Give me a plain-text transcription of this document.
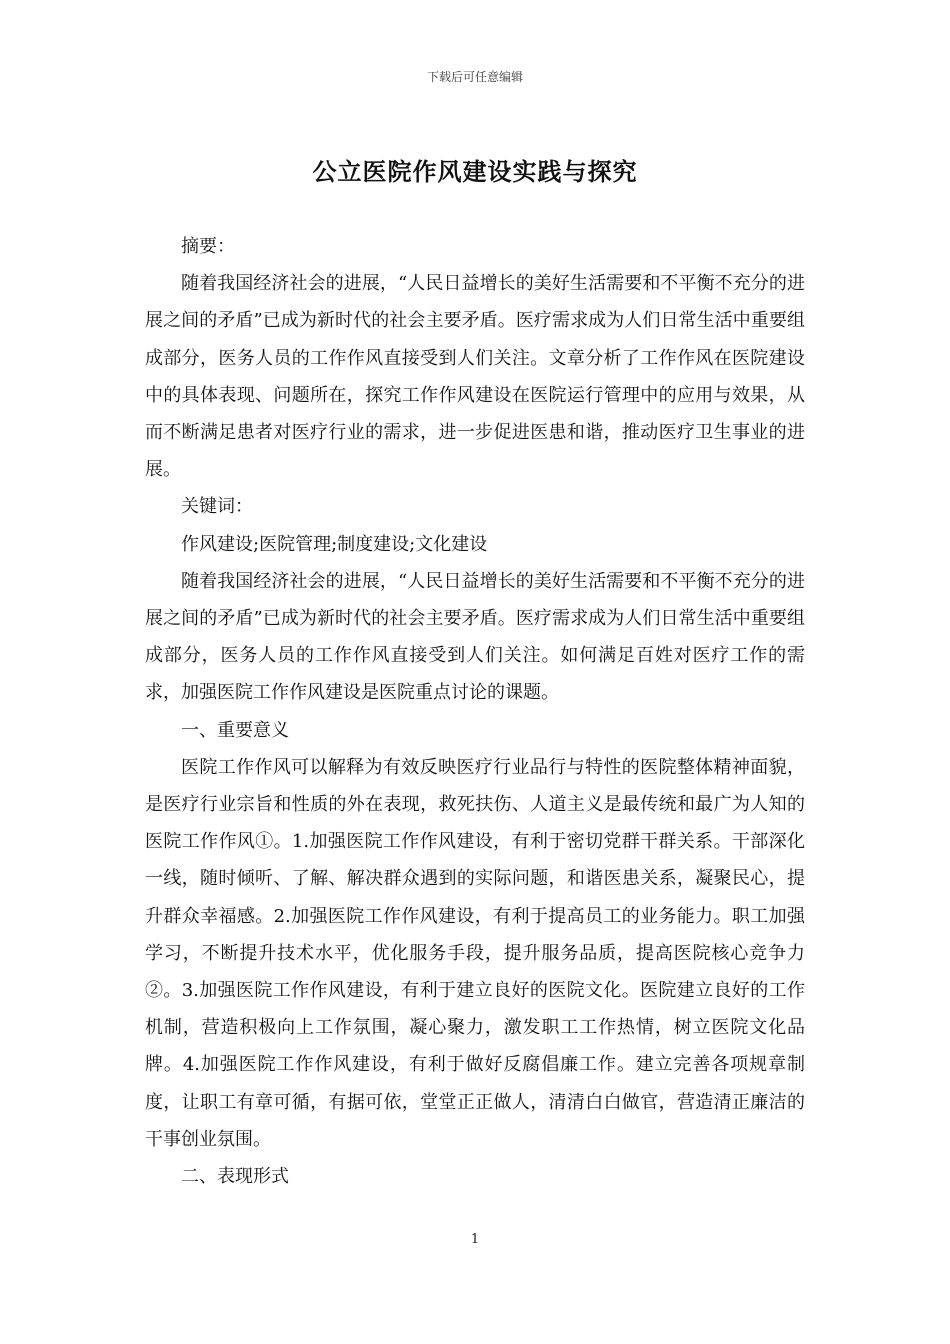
下载后可任意编辑
公立医院作风建设实践与探究

摘要：

随着我国经济社会的进展，“人民日益增长的美好生活需要和不平衡不充分的进展之间的矛盾”已成为新时代的社会主要矛盾。医疗需求成为人们日常生活中重要组成部分，医务人员的工作作风直接受到人们关注。文章分析了工作作风在医院建设中的具体表现、问题所在，探究工作作风建设在医院运行管理中的应用与效果，从而不断满足患者对医疗行业的需求，进一步促进医患和谐，推动医疗卫生事业的进展。

关键词：

作风建设;医院管理;制度建设;文化建设

随着我国经济社会的进展，“人民日益增长的美好生活需要和不平衡不充分的进展之间的矛盾”已成为新时代的社会主要矛盾。医疗需求成为人们日常生活中重要组成部分，医务人员的工作作风直接受到人们关注。如何满足百姓对医疗工作的需求，加强医院工作作风建设是医院重点讨论的课题。

一、重要意义

医院工作作风可以解释为有效反映医疗行业品行与特性的医院整体精神面貌，是医疗行业宗旨和性质的外在表现，救死扶伤、人道主义是最传统和最广为人知的医院工作作风①。1.加强医院工作作风建设，有利于密切党群干群关系。干部深化一线，随时倾听、了解、解决群众遇到的实际问题，和谐医患关系，凝聚民心，提升群众幸福感。2.加强医院工作作风建设，有利于提高员工的业务能力。职工加强学习，不断提升技术水平，优化服务手段，提升服务品质，提高医院核心竞争力②。3.加强医院工作作风建设，有利于建立良好的医院文化。医院建立良好的工作机制，营造积极向上工作氛围，凝心聚力，激发职工工作热情，树立医院文化品牌。4.加强医院工作作风建设，有利于做好反腐倡廉工作。建立完善各项规章制度，让职工有章可循，有据可依，堂堂正正做人，清清白白做官，营造清正廉洁的干事创业氛围。

二、表现形式

1
